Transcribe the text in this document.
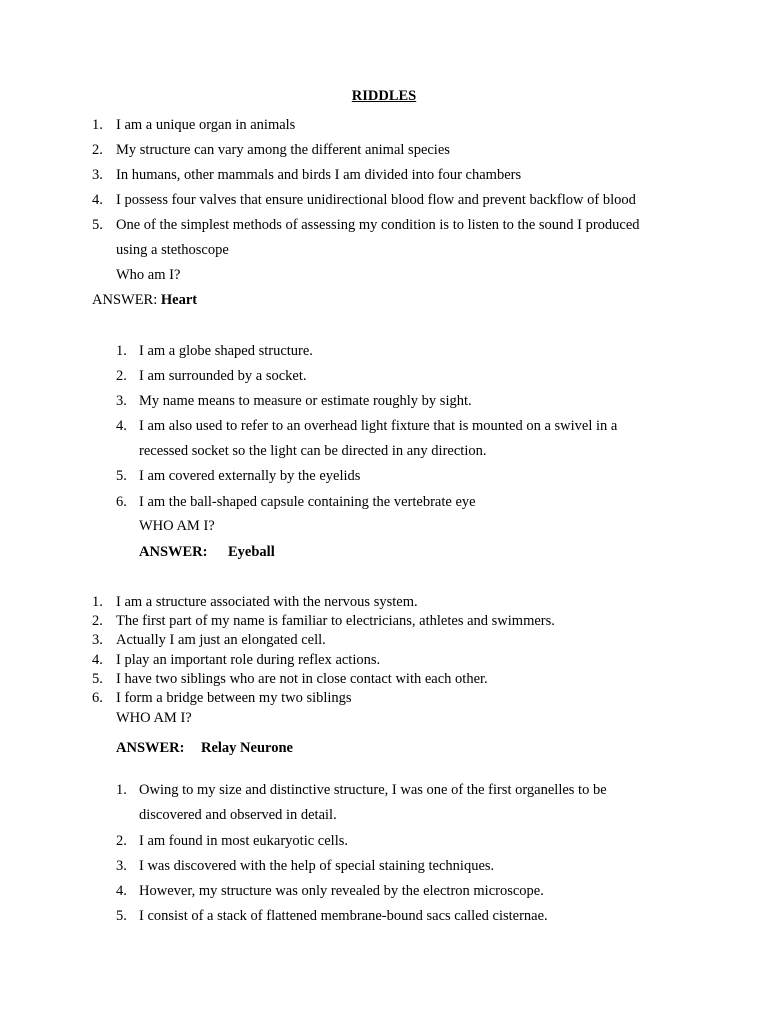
RIDDLES
1. I am a unique organ in animals
2. My structure can vary among the different animal species
3. In humans, other mammals and birds I am divided into four chambers
4. I possess four valves that ensure unidirectional blood flow and prevent backflow of blood
5. One of the simplest methods of assessing my condition is to listen to the sound I produced
using a stethoscope
Who am I?
ANSWER: Heart
1. I am a globe shaped structure.
2. I am surrounded by a socket.
3. My name means to measure or estimate roughly by sight.
4. I am also used to refer to an overhead light fixture that is mounted on a swivel in a
recessed socket so the light can be directed in any direction.
5. I am covered externally by the eyelids
6. I am the ball-shaped capsule containing the vertebrate eye
WHO AM I?
ANSWER: Eyeball
1. I am a structure associated with the nervous system.
2. The first part of my name is familiar to electricians, athletes and swimmers.
3. Actually I am just an elongated cell.
4. I play an important role during reflex actions.
5. I have two siblings who are not in close contact with each other.
6. I form a bridge between my two siblings
WHO AM I?
ANSWER: Relay Neurone
1. Owing to my size and distinctive structure, I was one of the first organelles to be
discovered and observed in detail.
2. I am found in most eukaryotic cells.
3. I was discovered with the help of special staining techniques.
4. However, my structure was only revealed by the electron microscope.
5. I consist of a stack of flattened membrane-bound sacs called cisternae.
